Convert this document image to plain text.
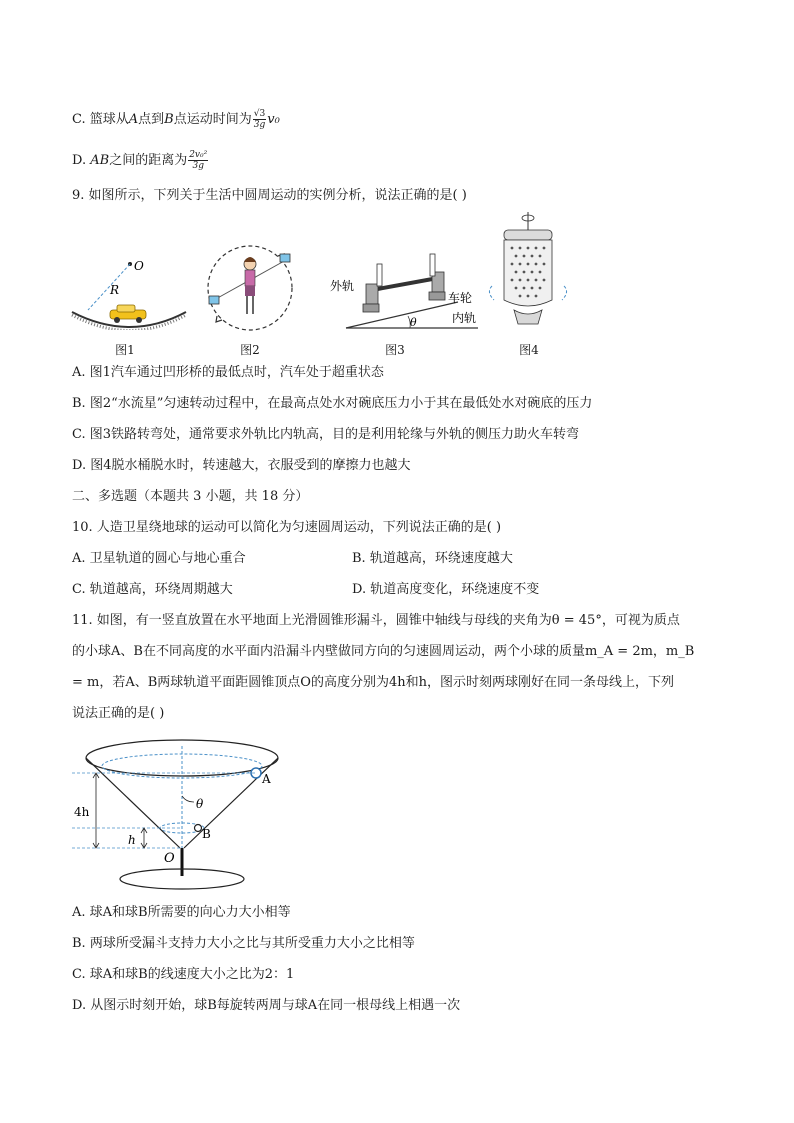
C. 篮球从A点到B点运动时间为 $\frac{√3}{3g} v_0$
D. AB之间的距离为 $\frac{\text{2v₀²}}{3g}$
9. 如图所示，下列关于生活中圆周运动的实例分析，说法正确的是( )
O
R
图1	图2
θ
外轨
车轮
内轨
图3	图4
A. 图1汽车通过凹形桥的最低点时，汽车处于超重状态
B. 图2“水流星”匀速转动过程中，在最高点处水对碗底压力小于其在最低处水对碗底的压力
C. 图3铁路转弯处，通常要求外轨比内轨高，目的是利用轮缘与外轨的侧压力助火车转弯
D. 图4脱水桶脱水时，转速越大，衣服受到的摩擦力也越大
二、多选题（本题共 3 小题，共 18 分）
10. 人造卫星绕地球的运动可以简化为匀速圆周运动，下列说法正确的是( )
A. 卫星轨道的圆心与地心重合	B. 轨道越高，环绕速度越大
C. 轨道越高，环绕周期越大	D. 轨道高度变化，环绕速度不变
11. 如图，有一竖直放置在水平地面上光滑圆锥形漏斗，圆锥中轴线与母线的夹角为θ = 45°，可视为质点
的小球A、B在不同高度的水平面内沿漏斗内壁做同方向的匀速圆周运动，两个小球的质量m_A = 2m，m_B
= m，若A、B两球轨道平面距圆锥顶点O的高度分别为4h和h，图示时刻两球刚好在同一条母线上，下列
说法正确的是( )
θ
A
B
4h
h
O
A. 球A和球B所需要的向心力大小相等
B. 两球所受漏斗支持力大小之比与其所受重力大小之比相等
C. 球A和球B的线速度大小之比为2：1
D. 从图示时刻开始，球B每旋转两周与球A在同一根母线上相遇一次
